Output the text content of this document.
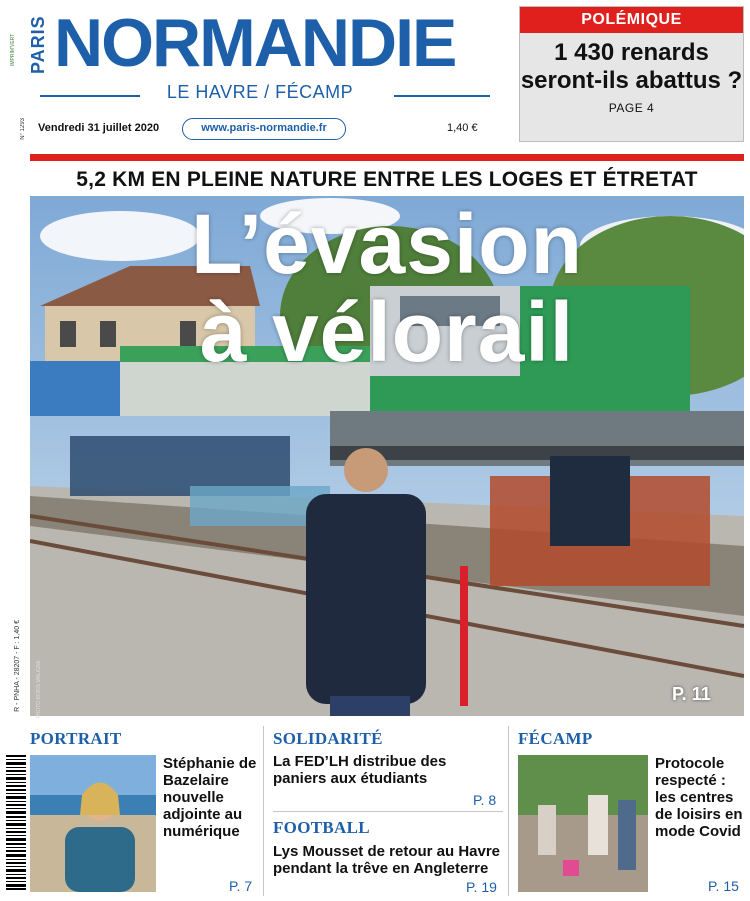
IMPRIM'VERT PARIS NORMANDIE
LE HAVRE / FÉCAMP
N° 1293 Vendredi 31 juillet 2020	www.paris-normandie.fr	1,40 €
POLÉMIQUE
1 430 renards seront-ils abattus ?
PAGE 4
5,2 KM EN PLEINE NATURE ENTRE LES LOGES ET ÉTRETAT
L’évasion
à vélorail
PHOTO BORIS MALIGNE	P. 11
R - PNHA - 28207 - F : 1,40 €
PORTRAIT
Stéphanie de Bazelaire nouvelle adjointe au numérique
P. 7
SOLIDARITÉ
La FED’LH distribue des paniers aux étudiants
P. 8
FOOTBALL
Lys Mousset de retour au Havre pendant la trêve en Angleterre
P. 19
FÉCAMP
Protocole respecté : les centres de loisirs en mode Covid
P. 15
